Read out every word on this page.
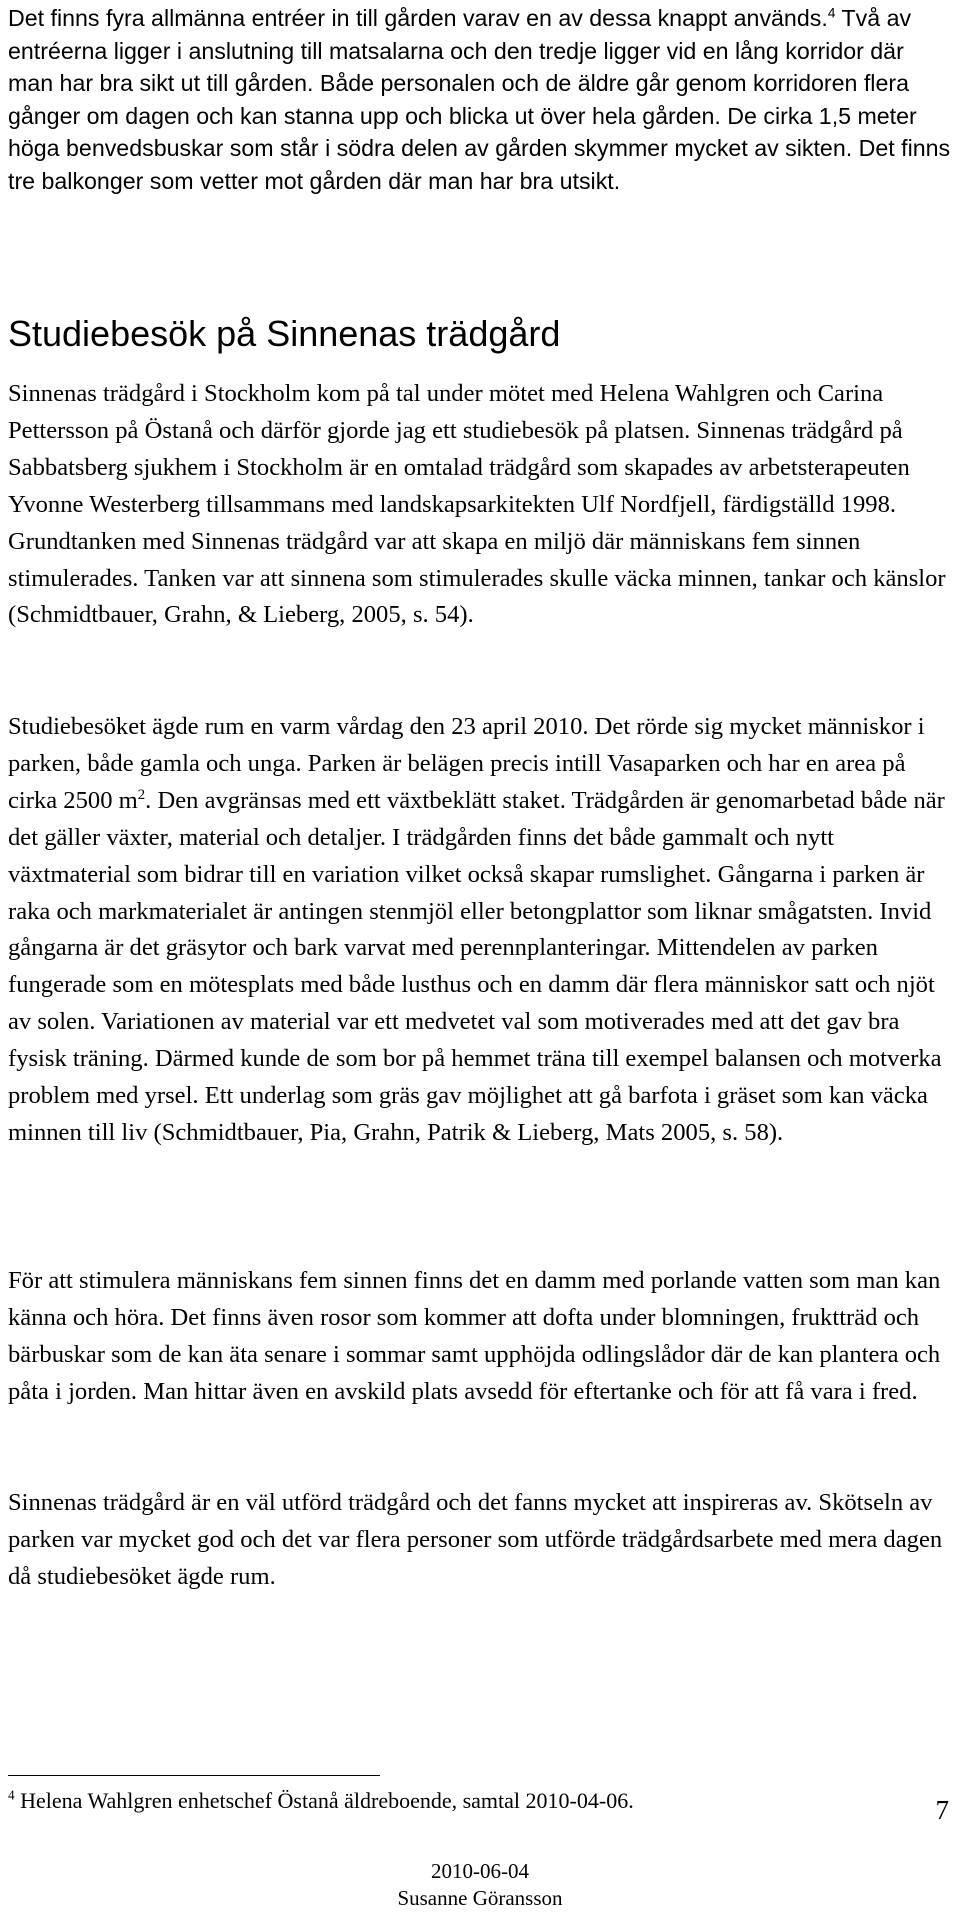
Det finns fyra allmänna entréer in till gården varav en av dessa knappt används.$^4$ Två av entréerna ligger i anslutning till matsalarna och den tredje ligger vid en lång korridor där man har bra sikt ut till gården. Både personalen och de äldre går genom korridoren flera gånger om dagen och kan stanna upp och blicka ut över hela gården. De cirka 1,5 meter höga benvedsbuskar som står i södra delen av gården skymmer mycket av sikten. Det finns tre balkonger som vetter mot gården där man har bra utsikt.

Studiebesök på Sinnenas trädgård

Sinnenas trädgård i Stockholm kom på tal under mötet med Helena Wahlgren och Carina Pettersson på Östanå och därför gjorde jag ett studiebesök på platsen. Sinnenas trädgård på Sabbatsberg sjukhem i Stockholm är en omtalad trädgård som skapades av arbetsterapeuten Yvonne Westerberg tillsammans med landskapsarkitekten Ulf Nordfjell, färdigställd 1998. Grundtanken med Sinnenas trädgård var att skapa en miljö där människans fem sinnen stimulerades. Tanken var att sinnena som stimulerades skulle väcka minnen, tankar och känslor (Schmidtbauer, Grahn, & Lieberg, 2005, s. 54).

Studiebesöket ägde rum en varm vårdag den 23 april 2010. Det rörde sig mycket människor i parken, både gamla och unga. Parken är belägen precis intill Vasaparken och har en area på cirka 2500 $m^2$. Den avgränsas med ett växtbeklätt staket. Trädgården är genomarbetad både när det gäller växter, material och detaljer. I trädgården finns det både gammalt och nytt växtmaterial som bidrar till en variation vilket också skapar rumslighet. Gångarna i parken är raka och markmaterialet är antingen stenmjöl eller betongplattor som liknar smågatsten. Invid gångarna är det gräsytor och bark varvat med perennplanteringar. Mittendelen av parken fungerade som en mötesplats med både lusthus och en damm där flera människor satt och njöt av solen. Variationen av material var ett medvetet val som motiverades med att det gav bra fysisk träning. Därmed kunde de som bor på hemmet träna till exempel balansen och motverka problem med yrsel. Ett underlag som gräs gav möjlighet att gå barfota i gräset som kan väcka minnen till liv (Schmidtbauer, Pia, Grahn, Patrik & Lieberg, Mats 2005, s. 58).

För att stimulera människans fem sinnen finns det en damm med porlande vatten som man kan känna och höra. Det finns även rosor som kommer att dofta under blomningen, fruktträd och bärbuskar som de kan äta senare i sommar samt upphöjda odlingslådor där de kan plantera och påta i jorden. Man hittar även en avskild plats avsedd för eftertanke och för att få vara i fred.

Sinnenas trädgård är en väl utförd trädgård och det fanns mycket att inspireras av. Skötseln av parken var mycket god och det var flera personer som utförde trädgårdsarbete med mera dagen då studiebesöket ägde rum.

$^4$ Helena Wahlgren enhetschef Östanå äldreboende, samtal 2010-04-06.	7
2010-06-04
Susanne Göransson
